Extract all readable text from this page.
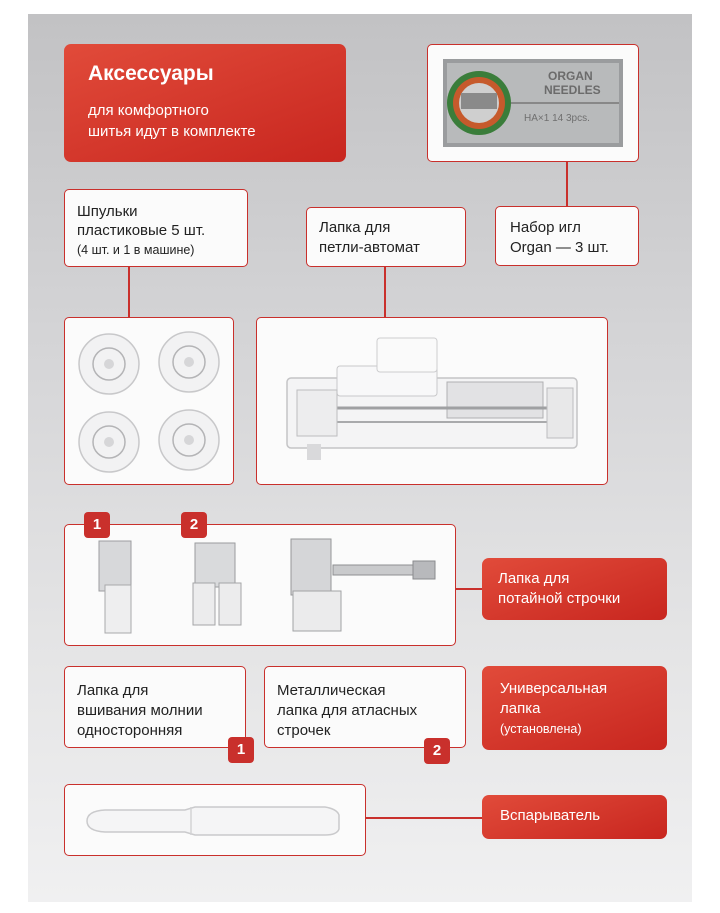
Аксессуары
для комфортного
шитья идут в комплекте
ORGAN
NEEDLES
HA×1 14 3pcs.
Шпульки
пластиковые 5 шт.
(4 шт. и 1 в машине)
Лапка для
петли-автомат
Набор игл
Organ — 3 шт.
1	2
Лапка для
потайной строчки
Лапка для
вшивания молнии
односторонняя
1
Металлическая
лапка для атласных
строчек
2
Универсальная
лапка
(установлена)
Вспарыватель
